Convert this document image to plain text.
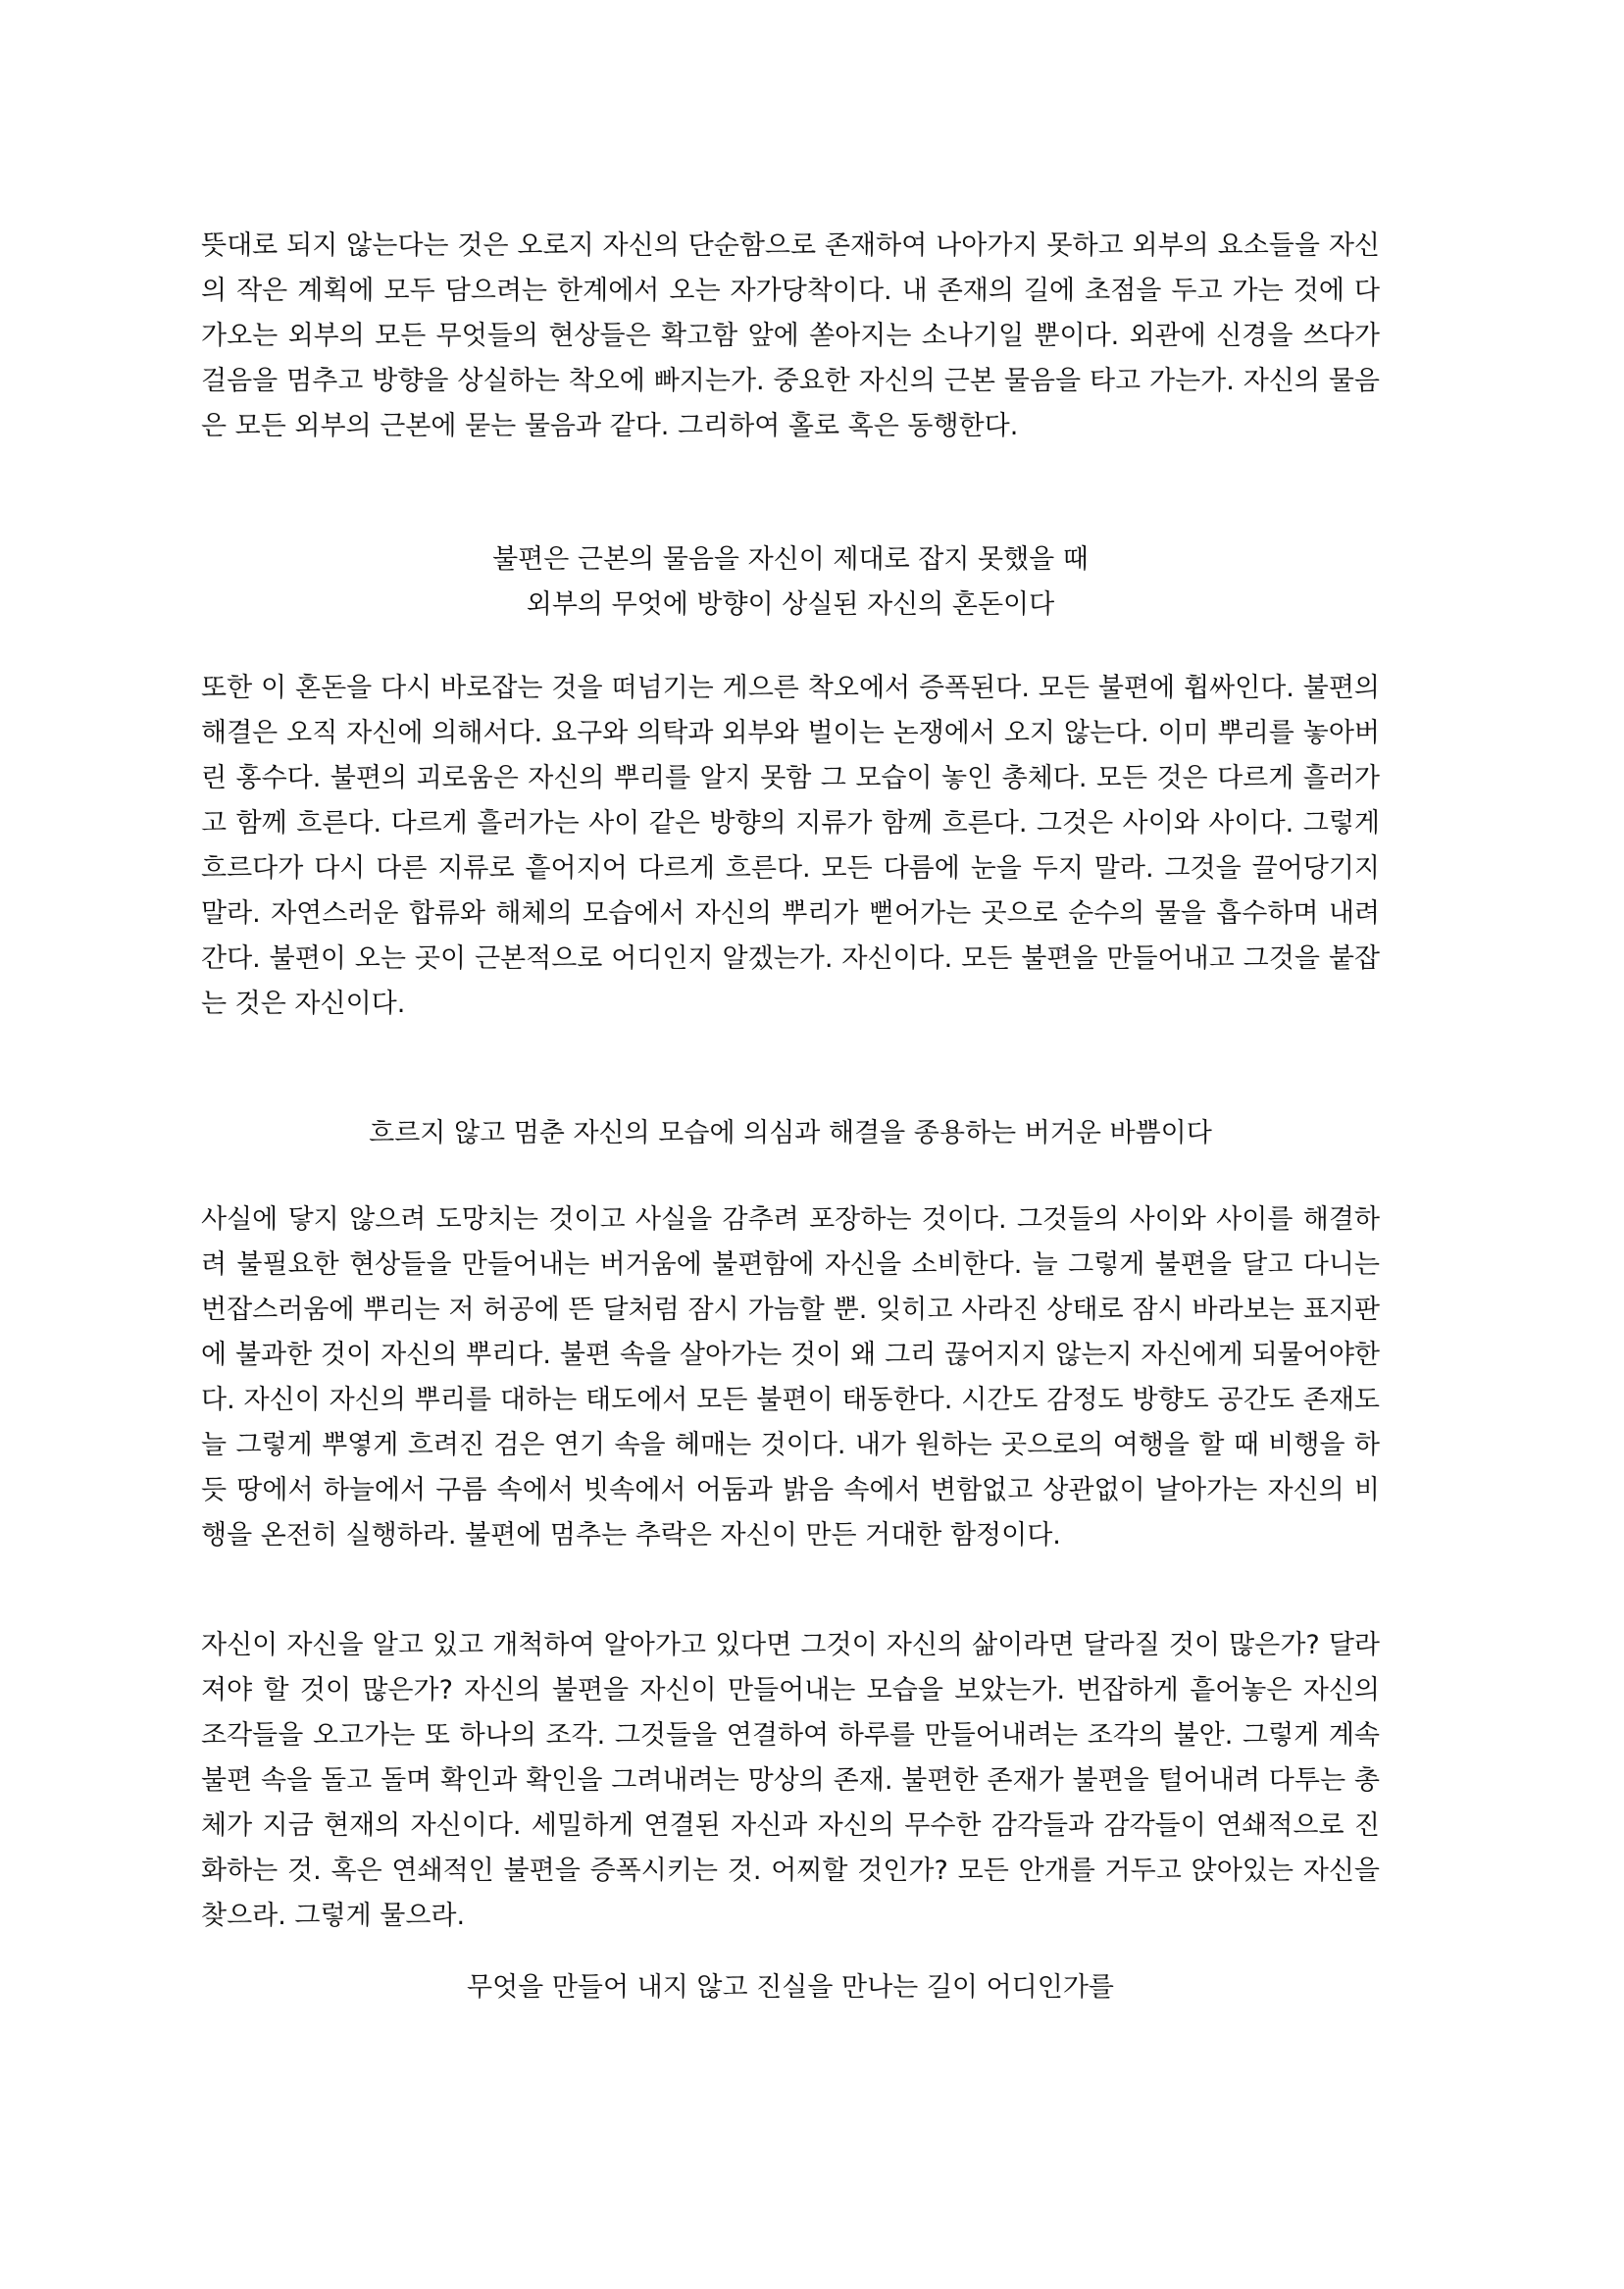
뜻대로 되지 않는다는 것은 오로지 자신의 단순함으로 존재하여 나아가지 못하고 외부의 요소들을 자신의 작은 계획에 모두 담으려는 한계에서 오는 자가당착이다. 내 존재의 길에 초점을 두고 가는 것에 다가오는 외부의 모든 무엇들의 현상들은 확고함 앞에 쏟아지는 소나기일 뿐이다. 외관에 신경을 쓰다가 걸음을 멈추고 방향을 상실하는 착오에 빠지는가. 중요한 자신의 근본 물음을 타고 가는가. 자신의 물음은 모든 외부의 근본에 묻는 물음과 같다. 그리하여 홀로 혹은 동행한다.

불편은 근본의 물음을 자신이 제대로 잡지 못했을 때

외부의 무엇에 방향이 상실된 자신의 혼돈이다

또한 이 혼돈을 다시 바로잡는 것을 떠넘기는 게으른 착오에서 증폭된다. 모든 불편에 휩싸인다. 불편의 해결은 오직 자신에 의해서다. 요구와 의탁과 외부와 벌이는 논쟁에서 오지 않는다. 이미 뿌리를 놓아버린 홍수다. 불편의 괴로움은 자신의 뿌리를 알지 못함 그 모습이 놓인 총체다. 모든 것은 다르게 흘러가고 함께 흐른다. 다르게 흘러가는 사이 같은 방향의 지류가 함께 흐른다. 그것은 사이와 사이다. 그렇게 흐르다가 다시 다른 지류로 흩어지어 다르게 흐른다. 모든 다름에 눈을 두지 말라. 그것을 끌어당기지 말라. 자연스러운 합류와 해체의 모습에서 자신의 뿌리가 뻗어가는 곳으로 순수의 물을 흡수하며 내려간다. 불편이 오는 곳이 근본적으로 어디인지 알겠는가. 자신이다. 모든 불편을 만들어내고 그것을 붙잡는 것은 자신이다.

흐르지 않고 멈춘 자신의 모습에 의심과 해결을 종용하는 버거운 바쁨이다

사실에 닿지 않으려 도망치는 것이고 사실을 감추려 포장하는 것이다. 그것들의 사이와 사이를 해결하려 불필요한 현상들을 만들어내는 버거움에 불편함에 자신을 소비한다. 늘 그렇게 불편을 달고 다니는 번잡스러움에 뿌리는 저 허공에 뜬 달처럼 잠시 가늠할 뿐. 잊히고 사라진 상태로 잠시 바라보는 표지판에 불과한 것이 자신의 뿌리다. 불편 속을 살아가는 것이 왜 그리 끊어지지 않는지 자신에게 되물어야한다. 자신이 자신의 뿌리를 대하는 태도에서 모든 불편이 태동한다. 시간도 감정도 방향도 공간도 존재도 늘 그렇게 뿌옇게 흐려진 검은 연기 속을 헤매는 것이다. 내가 원하는 곳으로의 여행을 할 때 비행을 하듯 땅에서 하늘에서 구름 속에서 빗속에서 어둠과 밝음 속에서 변함없고 상관없이 날아가는 자신의 비행을 온전히 실행하라. 불편에 멈추는 추락은 자신이 만든 거대한 함정이다.

자신이 자신을 알고 있고 개척하여 알아가고 있다면 그것이 자신의 삶이라면 달라질 것이 많은가? 달라져야 할 것이 많은가? 자신의 불편을 자신이 만들어내는 모습을 보았는가. 번잡하게 흩어놓은 자신의 조각들을 오고가는 또 하나의 조각. 그것들을 연결하여 하루를 만들어내려는 조각의 불안. 그렇게 계속 불편 속을 돌고 돌며 확인과 확인을 그려내려는 망상의 존재. 불편한 존재가 불편을 털어내려 다투는 총체가 지금 현재의 자신이다. 세밀하게 연결된 자신과 자신의 무수한 감각들과 감각들이 연쇄적으로 진화하는 것. 혹은 연쇄적인 불편을 증폭시키는 것. 어찌할 것인가? 모든 안개를 거두고 앉아있는 자신을 찾으라. 그렇게 물으라.

무엇을 만들어 내지 않고 진실을 만나는 길이 어디인가를
